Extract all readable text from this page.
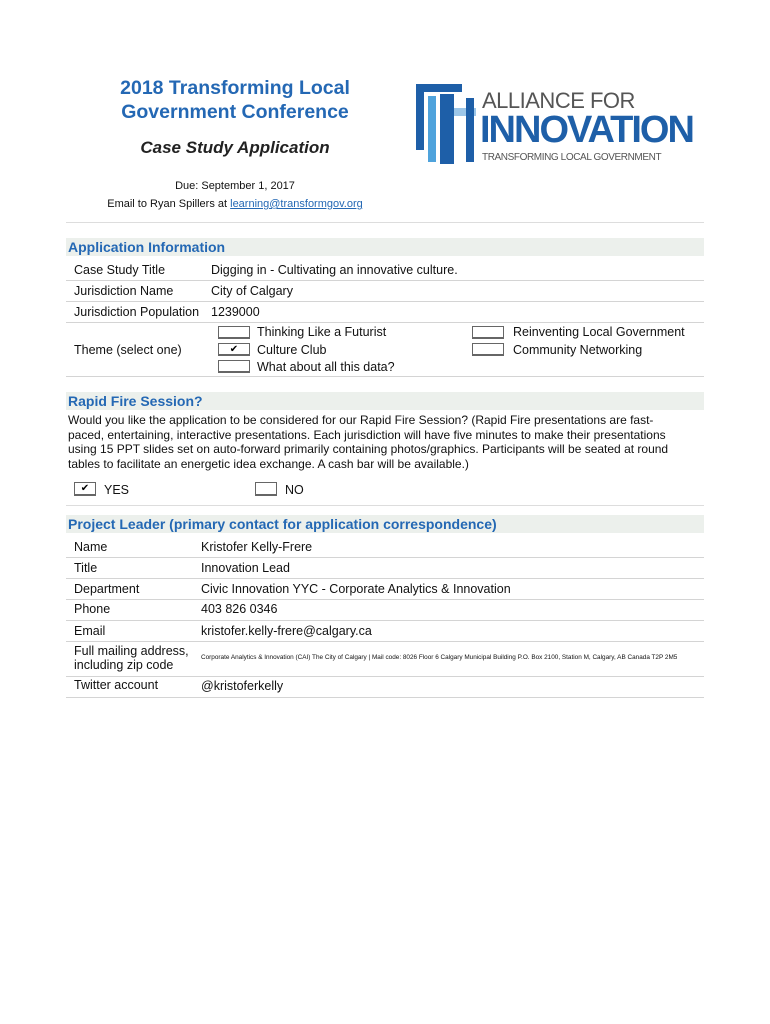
2018 Transforming Local
Government Conference
Case Study Application
Due: September 1, 2017
Email to Ryan Spillers at learning@transformgov.org
ALLIANCE FOR
INNOVATION
TRANSFORMING LOCAL GOVERNMENT
Application Information
Case Study Title	Digging in - Cultivating an innovative culture.
Jurisdiction Name	City of Calgary
Jurisdiction Population 1239000
Theme (select one)
Thinking Like a Futurist
✔	Culture Club
What about all this data?
Reinventing Local Government
Community Networking
Rapid Fire Session?
Would you like the application to be considered for our Rapid Fire Session? (Rapid Fire presentations are fast-
paced, entertaining, interactive presentations. Each jurisdiction will have five minutes to make their presentations
using 15 PPT slides set on auto-forward primarily containing photos/graphics. Participants will be seated at round
tables to facilitate an energetic idea exchange. A cash bar will be available.)
✔	YES	NO
Project Leader (primary contact for application correspondence)
Name	Kristofer Kelly-Frere
Title	Innovation Lead
Department	Civic Innovation YYC - Corporate Analytics & Innovation
Phone	403 826 0346
Email	kristofer.kelly-frere@calgary.ca
Full mailing address,
including zip code
Corporate Analytics & Innovation (CAI) The City of Calgary | Mail code: 8026 Floor 6 Calgary Municipal Building P.O. Box 2100, Station M, Calgary, AB Canada T2P 2M5
Twitter account	@kristoferkelly
